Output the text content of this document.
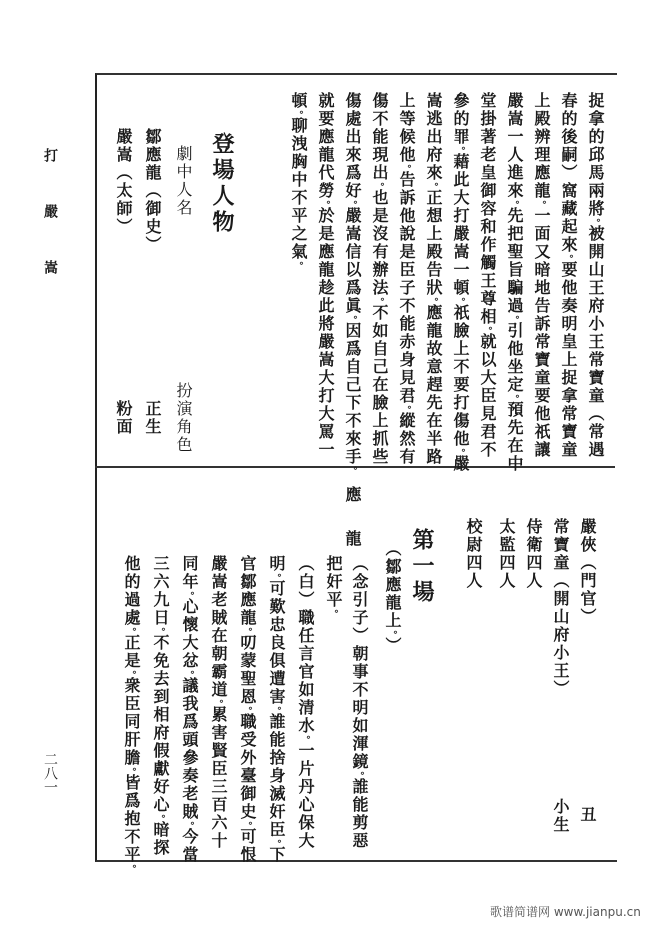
打　嚴　嵩
二八一
捉拿的邱馬兩將°被開山王府小王常寶童（常遇
春的後嗣）窩藏起來°要他奏明皇上捉拿常寶童
上殿辨理應龍°一面又暗地告訴常寶童要他祇讓
嚴嵩一人進來°先把聖旨騙過°引他坐定°預先在中
堂掛著老皇御容和作觸王尊相°就以大臣見君不
參的罪°藉此大打嚴嵩一頓°祇臉上不要打傷他°嚴
嵩逃出府來°正想上殿告狀°應龍故意趕先在半路
上等候他°告訴他說是臣子不能赤身見君°縱然有
傷不能現出°也是沒有辦法°不如自己在臉上抓些
傷處出來爲好°嚴嵩信以爲眞°因爲自己下不來手°
就要應龍代勞°於是應龍趁此將嚴嵩大打大罵一
頓°聊洩胸中不平之氣°
登場人物
劇中人名
扮演角色
鄒應龍（御史）
正生
嚴嵩（太師）
粉面
嚴俠（門官）
丑
常寶童（開山府小王）
小生
侍衛四人
太監四人
校尉四人
第一場
（鄒應龍上°）
應　龍
（念引子）朝事不明如渾鏡°誰能剪惡
把奸平°
（白）職任言官如清水°一片丹心保大
明°可歎忠良俱遭害°誰能捨身滅奸臣°下
官鄒應龍°叨蒙聖恩°職受外臺御史°可恨
嚴嵩老賊在朝霸道°累害賢臣三百六十
同年°心懷大忿°議我爲頭參奏老賊°今當
三六九日°不免去到相府假獻好心°暗探
他的過處°正是°衆臣同肝膽°皆爲抱不平°
歌谱简谱网 www.jianpu.cn
